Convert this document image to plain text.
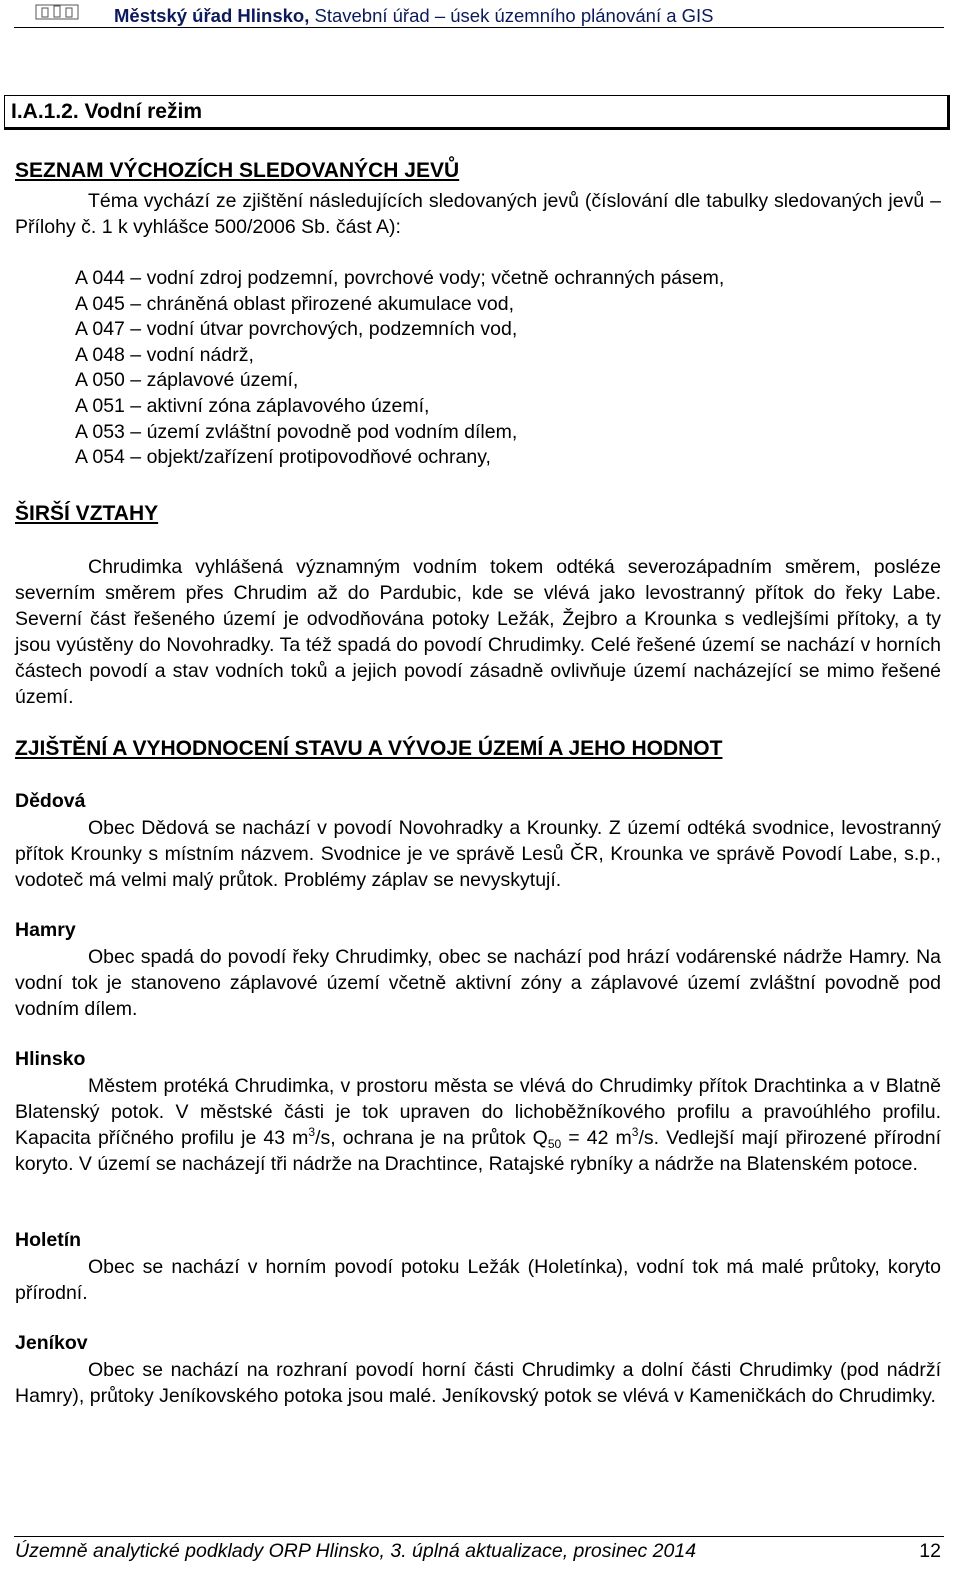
Městský úřad Hlinsko, Stavební úřad – úsek územního plánování a GIS
I.A.1.2. Vodní režim
SEZNAM VÝCHOZÍCH SLEDOVANÝCH JEVŮ
Téma vychází ze zjištění následujících sledovaných jevů (číslování dle tabulky sledovaných jevů – Přílohy č. 1 k vyhlášce 500/2006 Sb. část A):
A 044 – vodní zdroj podzemní, povrchové vody; včetně ochranných pásem,
A 045 – chráněná oblast přirozené akumulace vod,
A 047 – vodní útvar povrchových, podzemních vod,
A 048 – vodní nádrž,
A 050 – záplavové území,
A 051 – aktivní zóna záplavového území,
A 053 – území zvláštní povodně pod vodním dílem,
A 054 – objekt/zařízení protipovodňové ochrany,
ŠIRŠÍ VZTAHY
Chrudimka vyhlášená významným vodním tokem odtéká severozápadním směrem, posléze severním směrem přes Chrudim až do Pardubic, kde se vlévá jako levostranný přítok do řeky Labe. Severní část řešeného území je odvodňována potoky Ležák, Žejbro a Krounka s vedlejšími přítoky, a ty jsou vyústěny do Novohradky. Ta též spadá do povodí Chrudimky. Celé řešené území se nachází v horních částech povodí a stav vodních toků a jejich povodí zásadně ovlivňuje území nacházející se mimo řešené území.
ZJIŠTĚNÍ A VYHODNOCENÍ STAVU A VÝVOJE ÚZEMÍ A JEHO HODNOT
Dědová
Obec Dědová se nachází v povodí Novohradky a Krounky. Z území odtéká svodnice, levostranný přítok Krounky s místním názvem. Svodnice je ve správě Lesů ČR, Krounka ve správě Povodí Labe, s.p., vodoteč má velmi malý průtok. Problémy záplav se nevyskytují.
Hamry
Obec spadá do povodí řeky Chrudimky, obec se nachází pod hrází vodárenské nádrže Hamry. Na vodní tok je stanoveno záplavové území včetně aktivní zóny a záplavové území zvláštní povodně pod vodním dílem.
Hlinsko
Městem protéká Chrudimka, v prostoru města se vlévá do Chrudimky přítok Drachtinka a v Blatně Blatenský potok. V městské části je tok upraven do lichoběžníkového profilu a pravoúhlého profilu. Kapacita příčného profilu je 43 $m^3/s$, ochrana je na průtok $Q_{50} = 42$ $m^3/s$. Vedlejší mají přirozené přírodní koryto. V území se nacházejí tři nádrže na Drachtince, Ratajské rybníky a nádrže na Blatenském potoce.
Holetín
Obec se nachází v horním povodí potoku Ležák (Holetínka), vodní tok má malé průtoky, koryto přírodní.
Jeníkov
Obec se nachází na rozhraní povodí horní části Chrudimky a dolní části Chrudimky (pod nádrží Hamry), průtoky Jeníkovského potoka jsou malé. Jeníkovský potok se vlévá v Kameničkách do Chrudimky.
Územně analytické podklady ORP Hlinsko, 3. úplná aktualizace, prosinec 2014	12
